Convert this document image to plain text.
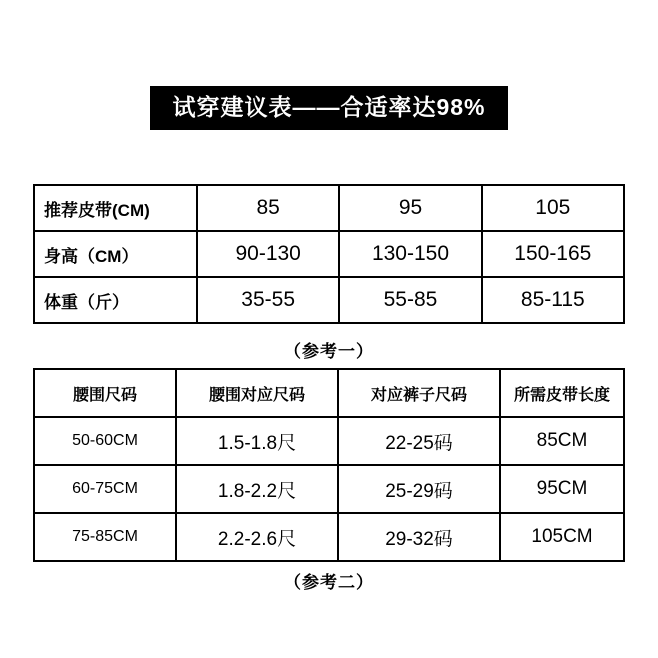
试穿建议表——合适率达98%
推荐皮带(CM)	85	95	105
身高（CM）	90-130	130-150	150-165
体重（斤）	35-55	55-85	85-115
（参考一）
腰围尺码	腰围对应尺码	对应裤子尺码	所需皮带长度
50-60CM	1.5-1.8尺	22-25码	85CM
60-75CM	1.8-2.2尺	25-29码	95CM
75-85CM	2.2-2.6尺	29-32码	105CM
（参考二）
